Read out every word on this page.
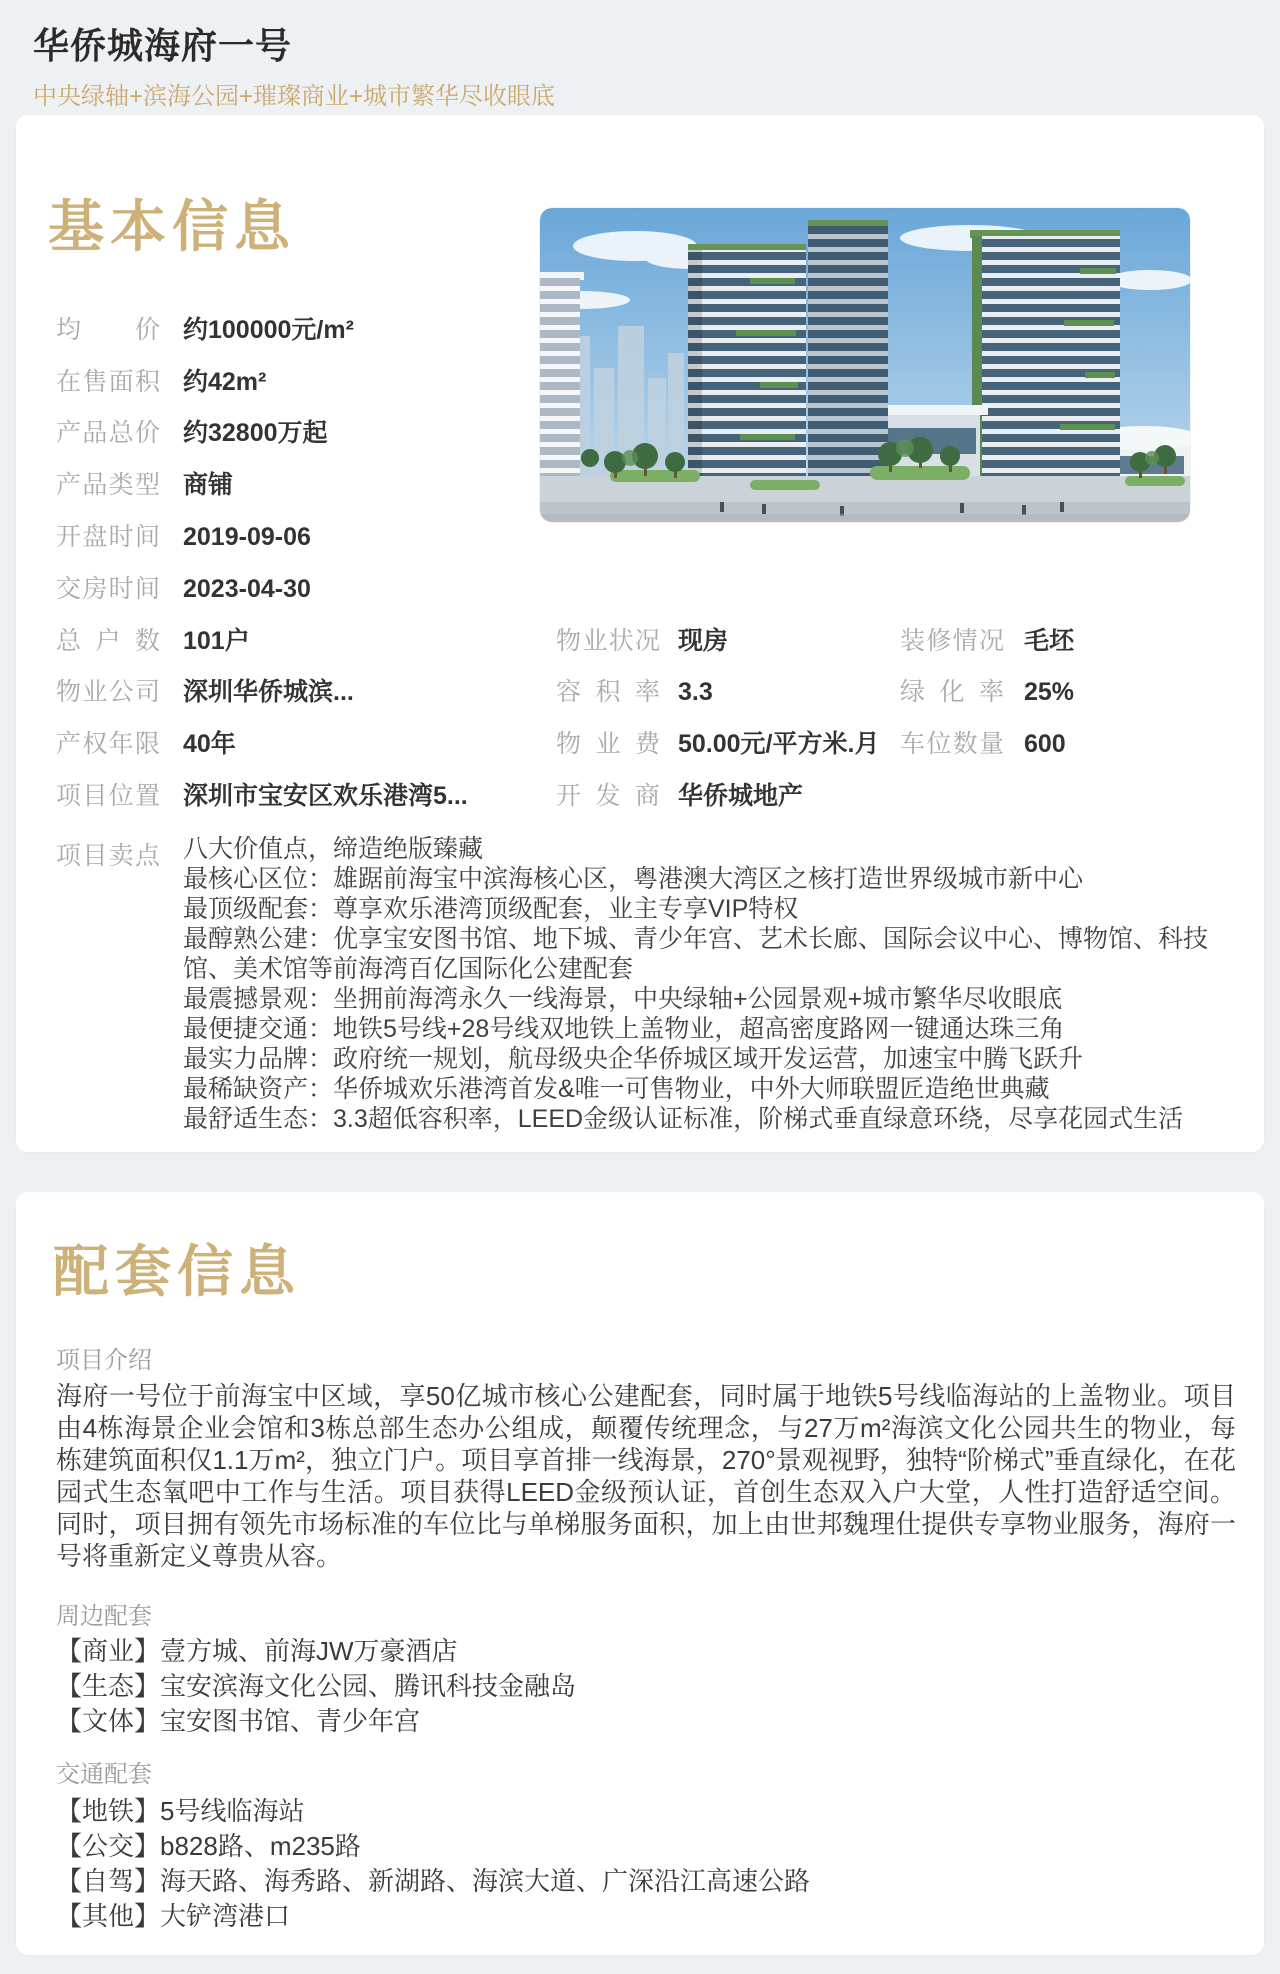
华侨城海府一号
中央绿轴+滨海公园+璀璨商业+城市繁华尽收眼底
基本信息
均价 约100000元/m²
在售面积 约42m²
产品总价 约32800万起
产品类型 商铺
开盘时间 2019-09-06
交房时间 2023-04-30
总户数 101户
物业公司 深圳华侨城滨...
产权年限 40年
项目位置 深圳市宝安区欢乐港湾5...
物业状况 现房
容积率 3.3
物业费 50.00元/平方米.月
开发商 华侨城地产
装修情况 毛坯
绿化率 25%
车位数量 600
项目卖点 八大价值点，缔造绝版臻藏
最核心区位：雄踞前海宝中滨海核心区，粤港澳大湾区之核打造世界级城市新中心
最顶级配套：尊享欢乐港湾顶级配套，业主专享VIP特权
最醇熟公建：优享宝安图书馆、地下城、青少年宫、艺术长廊、国际会议中心、博物馆、科技馆、美术馆等前海湾百亿国际化公建配套
最震撼景观：坐拥前海湾永久一线海景，中央绿轴+公园景观+城市繁华尽收眼底
最便捷交通：地铁5号线+28号线双地铁上盖物业，超高密度路网一键通达珠三角
最实力品牌：政府统一规划，航母级央企华侨城区域开发运营，加速宝中腾飞跃升
最稀缺资产：华侨城欢乐港湾首发&唯一可售物业，中外大师联盟匠造绝世典藏
最舒适生态：3.3超低容积率，LEED金级认证标准，阶梯式垂直绿意环绕，尽享花园式生活
配套信息
项目介绍
海府一号位于前海宝中区域，享50亿城市核心公建配套，同时属于地铁5号线临海站的上盖物业。项目由4栋海景企业会馆和3栋总部生态办公组成，颠覆传统理念，与27万m²海滨文化公园共生的物业，每栋建筑面积仅1.1万m²，独立门户。项目享首排一线海景，270°景观视野，独特“阶梯式”垂直绿化，在花园式生态氧吧中工作与生活。项目获得LEED金级预认证，首创生态双入户大堂，人性打造舒适空间。同时，项目拥有领先市场标准的车位比与单梯服务面积，加上由世邦魏理仕提供专享物业服务，海府一号将重新定义尊贵从容。
周边配套
【商业】壹方城、前海JW万豪酒店
【生态】宝安滨海文化公园、腾讯科技金融岛
【文体】宝安图书馆、青少年宫
交通配套
【地铁】5号线临海站
【公交】b828路、m235路
【自驾】海天路、海秀路、新湖路、海滨大道、广深沿江高速公路
【其他】大铲湾港口
